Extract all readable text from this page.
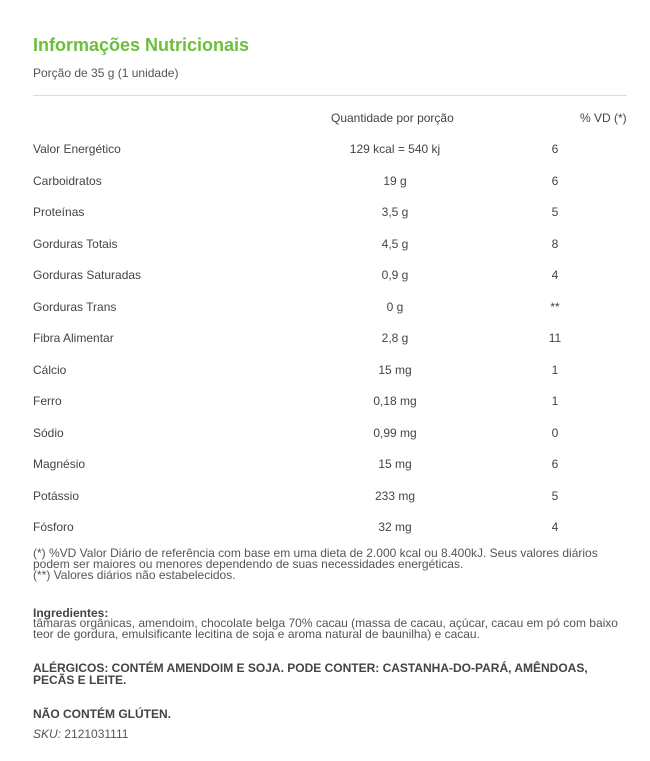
Informações Nutricionais
Porção de 35 g (1 unidade)
Quantidade por porção	% VD (*)
Valor Energético	129 kcal = 540 kj	6
Carboidratos	19 g	6
Proteínas	3,5 g	5
Gorduras Totais	4,5 g	8
Gorduras Saturadas	0,9 g	4
Gorduras Trans	0 g	**
Fibra Alimentar	2,8 g	11
Cálcio	15 mg	1
Ferro	0,18 mg	1
Sódio	0,99 mg	0
Magnésio	15 mg	6
Potássio	233 mg	5
Fósforo	32 mg	4

(*) %VD Valor Diário de referência com base em uma dieta de 2.000 kcal ou 8.400kJ. Seus valores diários podem ser maiores ou menores dependendo de suas necessidades energéticas.

(**) Valores diários não estabelecidos.

Ingredientes:
tâmaras orgânicas, amendoim, chocolate belga 70% cacau (massa de cacau, açúcar, cacau em pó com baixo teor de gordura, emulsificante lecitina de soja e aroma natural de baunilha) e cacau.
ALÉRGICOS: CONTÉM AMENDOIM E SOJA. PODE CONTER: CASTANHA-DO-PARÁ, AMÊNDOAS, PECÃS E LEITE.
NÃO CONTÉM GLÚTEN.
SKU: 2121031111
